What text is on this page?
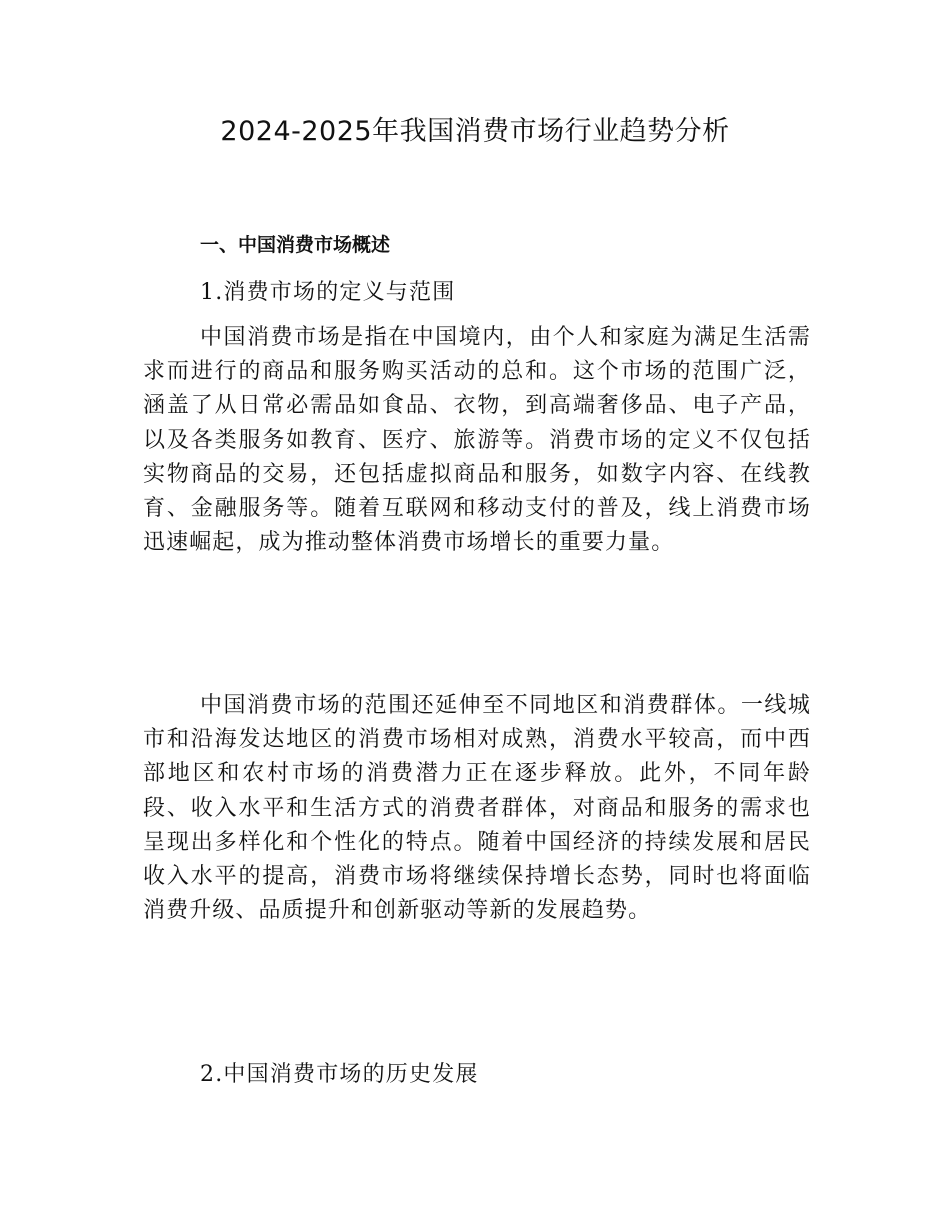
2024-2025年我国消费市场行业趋势分析
一、中国消费市场概述
1.消费市场的定义与范围

中国消费市场是指在中国境内，由个人和家庭为满足生活需求而进行的商品和服务购买活动的总和。这个市场的范围广泛，涵盖了从日常必需品如食品、衣物，到高端奢侈品、电子产品，以及各类服务如教育、医疗、旅游等。消费市场的定义不仅包括实物商品的交易，还包括虚拟商品和服务，如数字内容、在线教育、金融服务等。随着互联网和移动支付的普及，线上消费市场迅速崛起，成为推动整体消费市场增长的重要力量。

中国消费市场的范围还延伸至不同地区和消费群体。一线城市和沿海发达地区的消费市场相对成熟，消费水平较高，而中西部地区和农村市场的消费潜力正在逐步释放。此外，不同年龄段、收入水平和生活方式的消费者群体，对商品和服务的需求也呈现出多样化和个性化的特点。随着中国经济的持续发展和居民收入水平的提高，消费市场将继续保持增长态势，同时也将面临消费升级、品质提升和创新驱动等新的发展趋势。

2.中国消费市场的历史发展
